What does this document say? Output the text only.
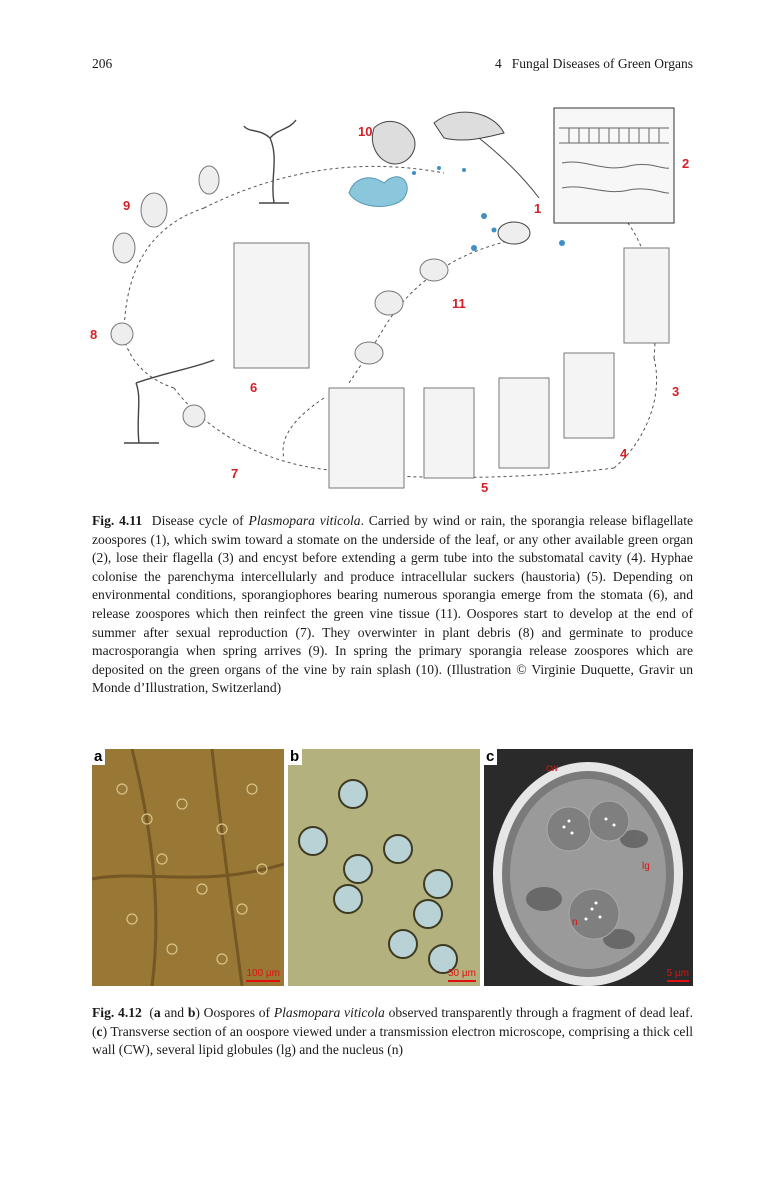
206	4 Fungal Diseases of Green Organs
1
2
3
4
5
6
7
8
9
10
11

Fig. 4.11 Disease cycle of Plasmopara viticola. Carried by wind or rain, the sporangia release biflagellate zoospores (1), which swim toward a stomate on the underside of the leaf, or any other available green organ (2), lose their flagella (3) and encyst before extending a germ tube into the substomatal cavity (4). Hyphae colonise the parenchyma intercellularly and produce intracellular suckers (haustoria) (5). Depending on environmental conditions, sporangiophores bearing numerous sporangia emerge from the stomata (6), and release zoospores which then reinfect the green vine tissue (11). Oospores start to develop at the end of summer after sexual reproduction (7). They overwinter in plant debris (8) and germinate to produce macrosporangia when spring arrives (9). In spring the primary sporangia release zoospores which are deposited on the green organs of the vine by rain splash (10). (Illustration © Virginie Duquette, Gravir un Monde d’Illustration, Switzerland)

a
100 µm
b
50 µm
c
cw
lg
n
5 µm

Fig. 4.12 (a and b) Oospores of Plasmopara viticola observed transparently through a fragment of dead leaf. (c) Transverse section of an oospore viewed under a transmission electron microscope, comprising a thick cell wall (CW), several lipid globules (lg) and the nucleus (n)
